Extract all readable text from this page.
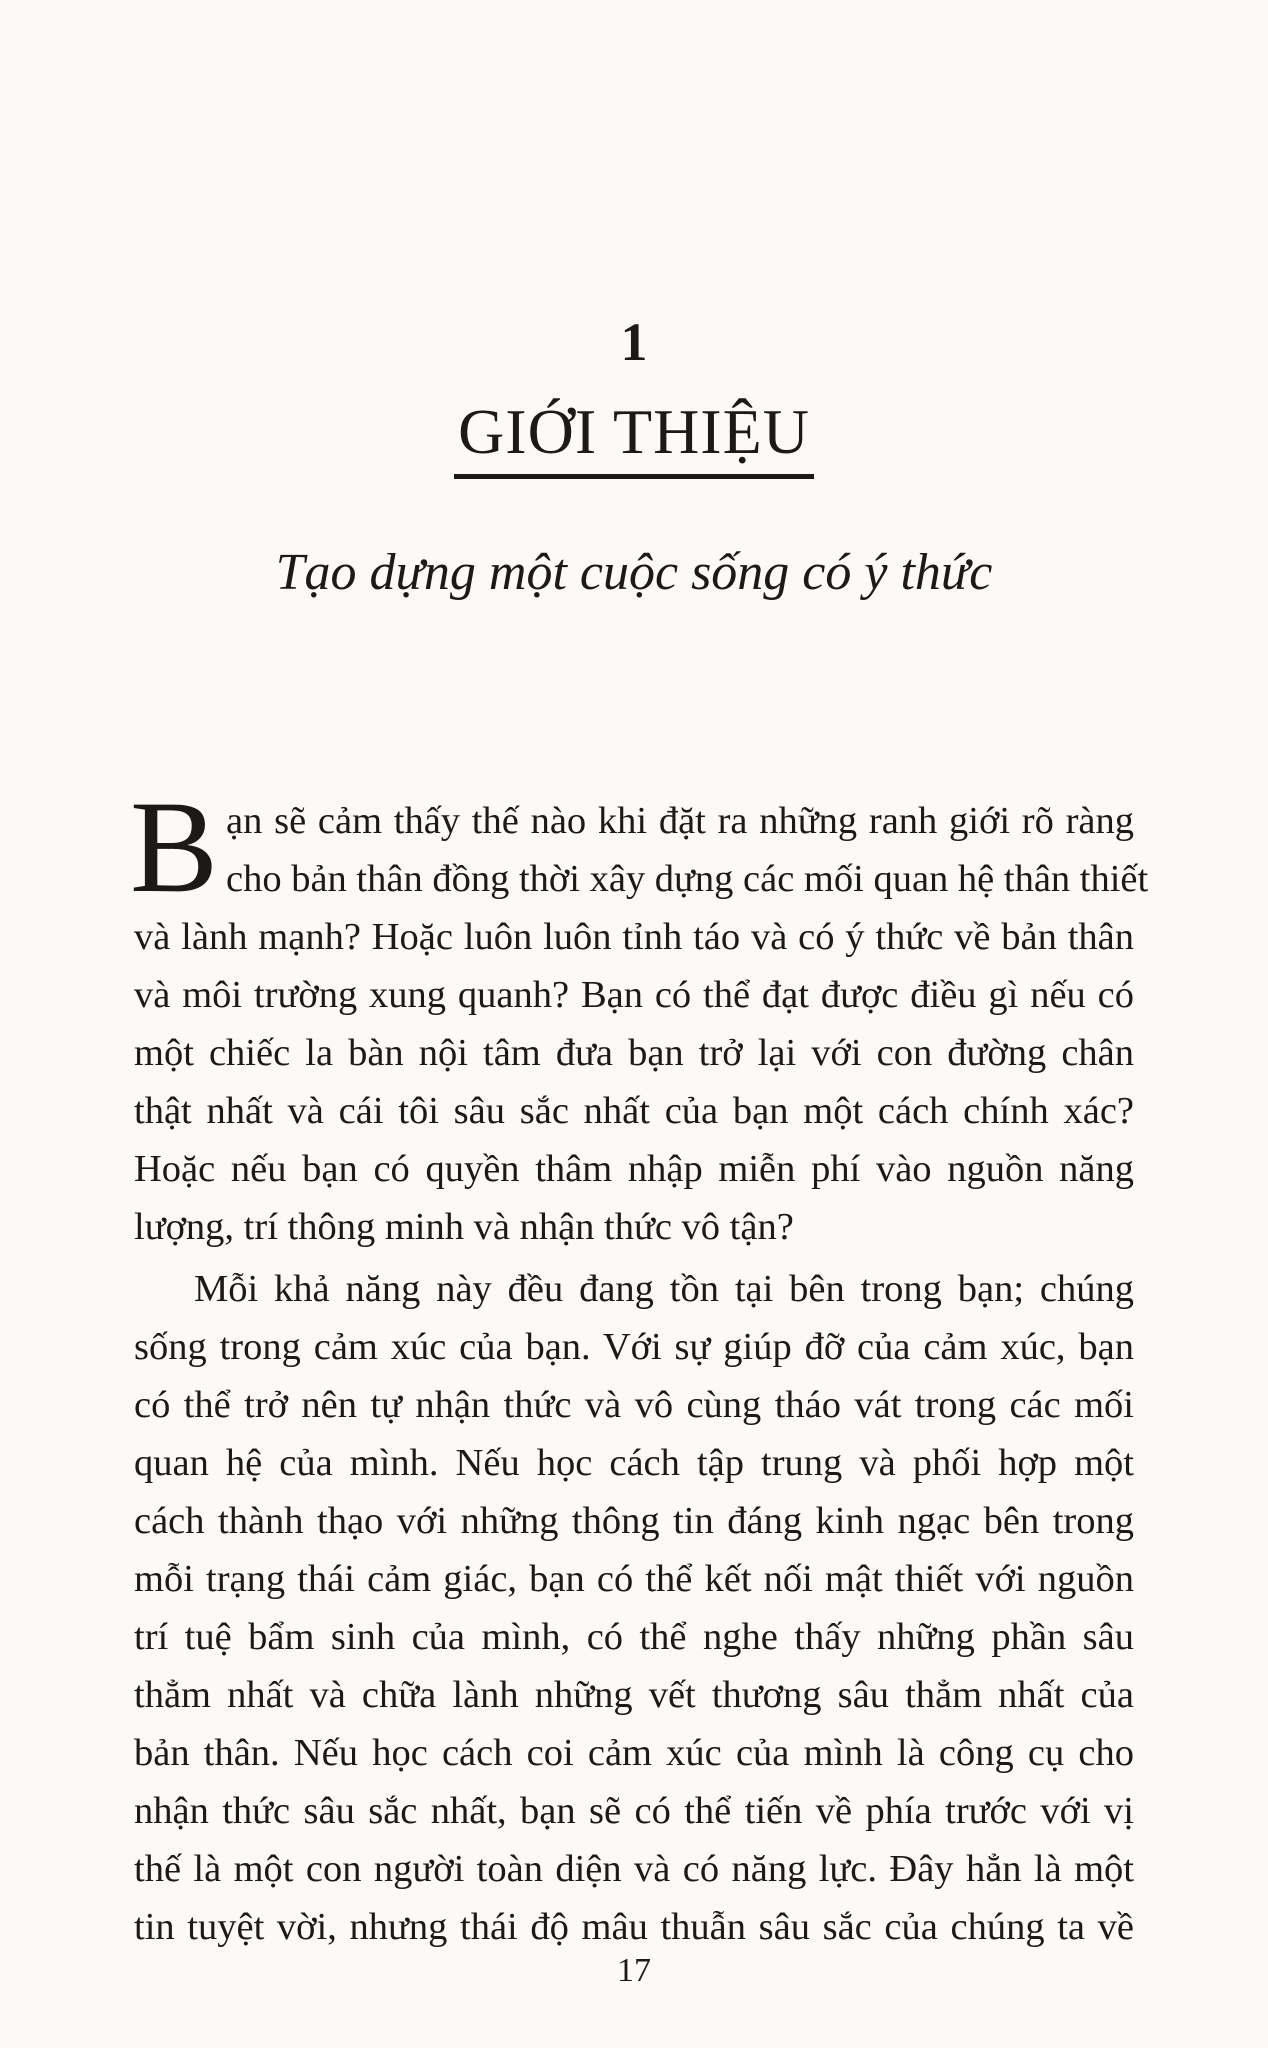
1
GIỚI THIỆU
Tạo dựng một cuộc sống có ý thức
B ạn sẽ cảm thấy thế nào khi đặt ra những ranh giới rõ ràng
cho bản thân đồng thời xây dựng các mối quan hệ thân thiết
và lành mạnh? Hoặc luôn luôn tỉnh táo và có ý thức về bản thân
và môi trường xung quanh? Bạn có thể đạt được điều gì nếu có
một chiếc la bàn nội tâm đưa bạn trở lại với con đường chân
thật nhất và cái tôi sâu sắc nhất của bạn một cách chính xác?
Hoặc nếu bạn có quyền thâm nhập miễn phí vào nguồn năng
lượng, trí thông minh và nhận thức vô tận?
Mỗi khả năng này đều đang tồn tại bên trong bạn; chúng
sống trong cảm xúc của bạn. Với sự giúp đỡ của cảm xúc, bạn
có thể trở nên tự nhận thức và vô cùng tháo vát trong các mối
quan hệ của mình. Nếu học cách tập trung và phối hợp một
cách thành thạo với những thông tin đáng kinh ngạc bên trong
mỗi trạng thái cảm giác, bạn có thể kết nối mật thiết với nguồn
trí tuệ bẩm sinh của mình, có thể nghe thấy những phần sâu
thẳm nhất và chữa lành những vết thương sâu thẳm nhất của
bản thân. Nếu học cách coi cảm xúc của mình là công cụ cho
nhận thức sâu sắc nhất, bạn sẽ có thể tiến về phía trước với vị
thế là một con người toàn diện và có năng lực. Đây hẳn là một
tin tuyệt vời, nhưng thái độ mâu thuẫn sâu sắc của chúng ta về
17
